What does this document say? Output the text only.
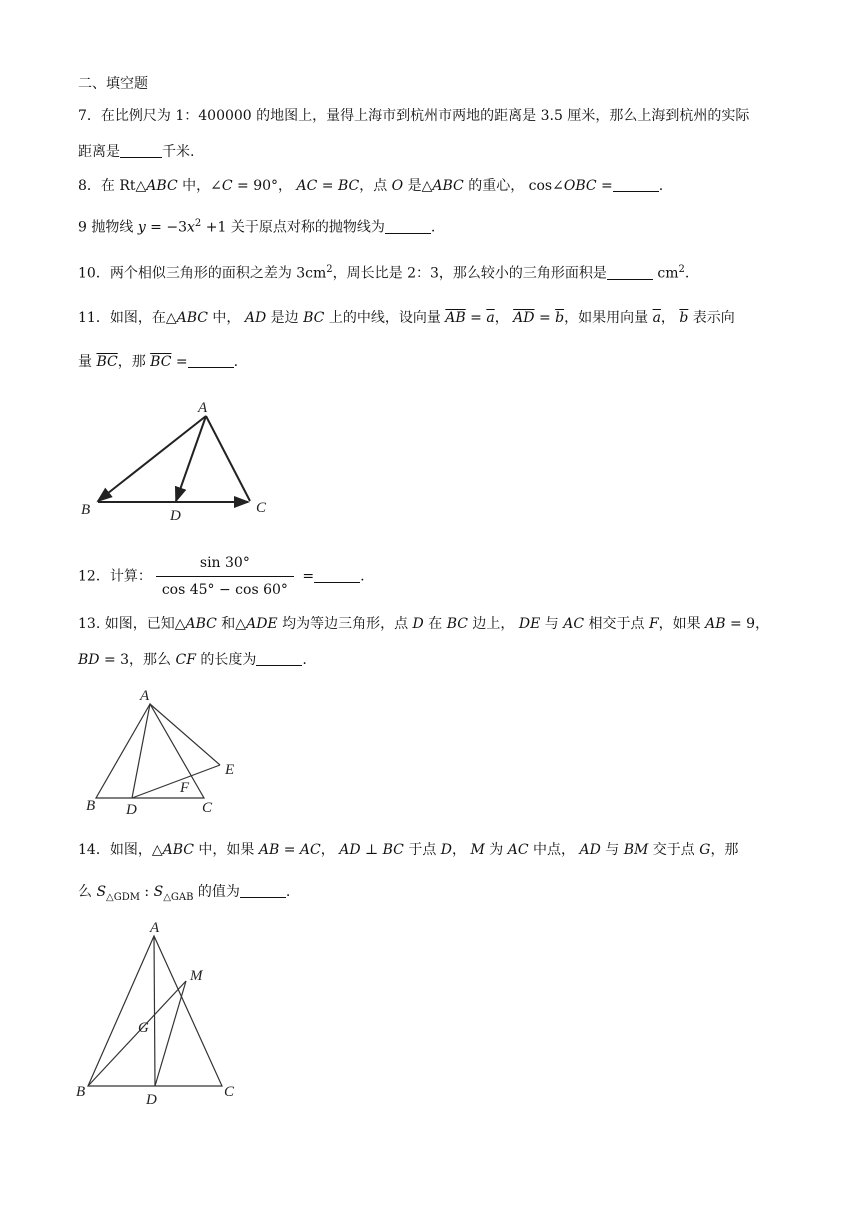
二、填空题
7．在比例尺为 1：400000 的地图上，量得上海市到杭州市两地的距离是 3.5 厘米，那么上海到杭州的实际
距离是	千米.
8．在 Rt△ABC 中，∠C = 90°， AC = BC，点 O 是△ABC 的重心， cos∠OBC =	.
9 抛物线 $y = -3x^2 +1$ 关于原点对称的抛物线为	.
10．两个相似三角形的面积之差为 $3cm^2$，周长比是 2：3，那么较小的三角形面积是	$cm^2$.
11．如图，在△ABC 中， AD 是边 BC 上的中线，设向量 $\overline{AB} = \overline{a}$， $\overline{AD} = \overline{b}$，如果用向量 $\overline{a}$， $\overline{b}$ 表示向
量 $\overline{BC}$，那 $\overline{BC}$ =	.
A
B	D	C
12．计算： $\frac{\sin 30^\circ}{\cos 45^\circ - \cos 60^\circ}$ =	.
13. 如图，已知△ABC 和△ADE 均为等边三角形，点 D 在 BC 边上， DE 与 AC 相交于点 F，如果 AB = 9，
BD = 3，那么 CF 的长度为	.
A
B D	C
E
F
14．如图，△ABC 中，如果 AB = AC， AD ⊥ BC 于点 D， M 为 AC 中点， AD 与 BM 交于点 G，那
么 $S_{\triangle GDM}$ : $S_{\triangle GAB}$ 的值为	.
A
B	D	C
G
M
